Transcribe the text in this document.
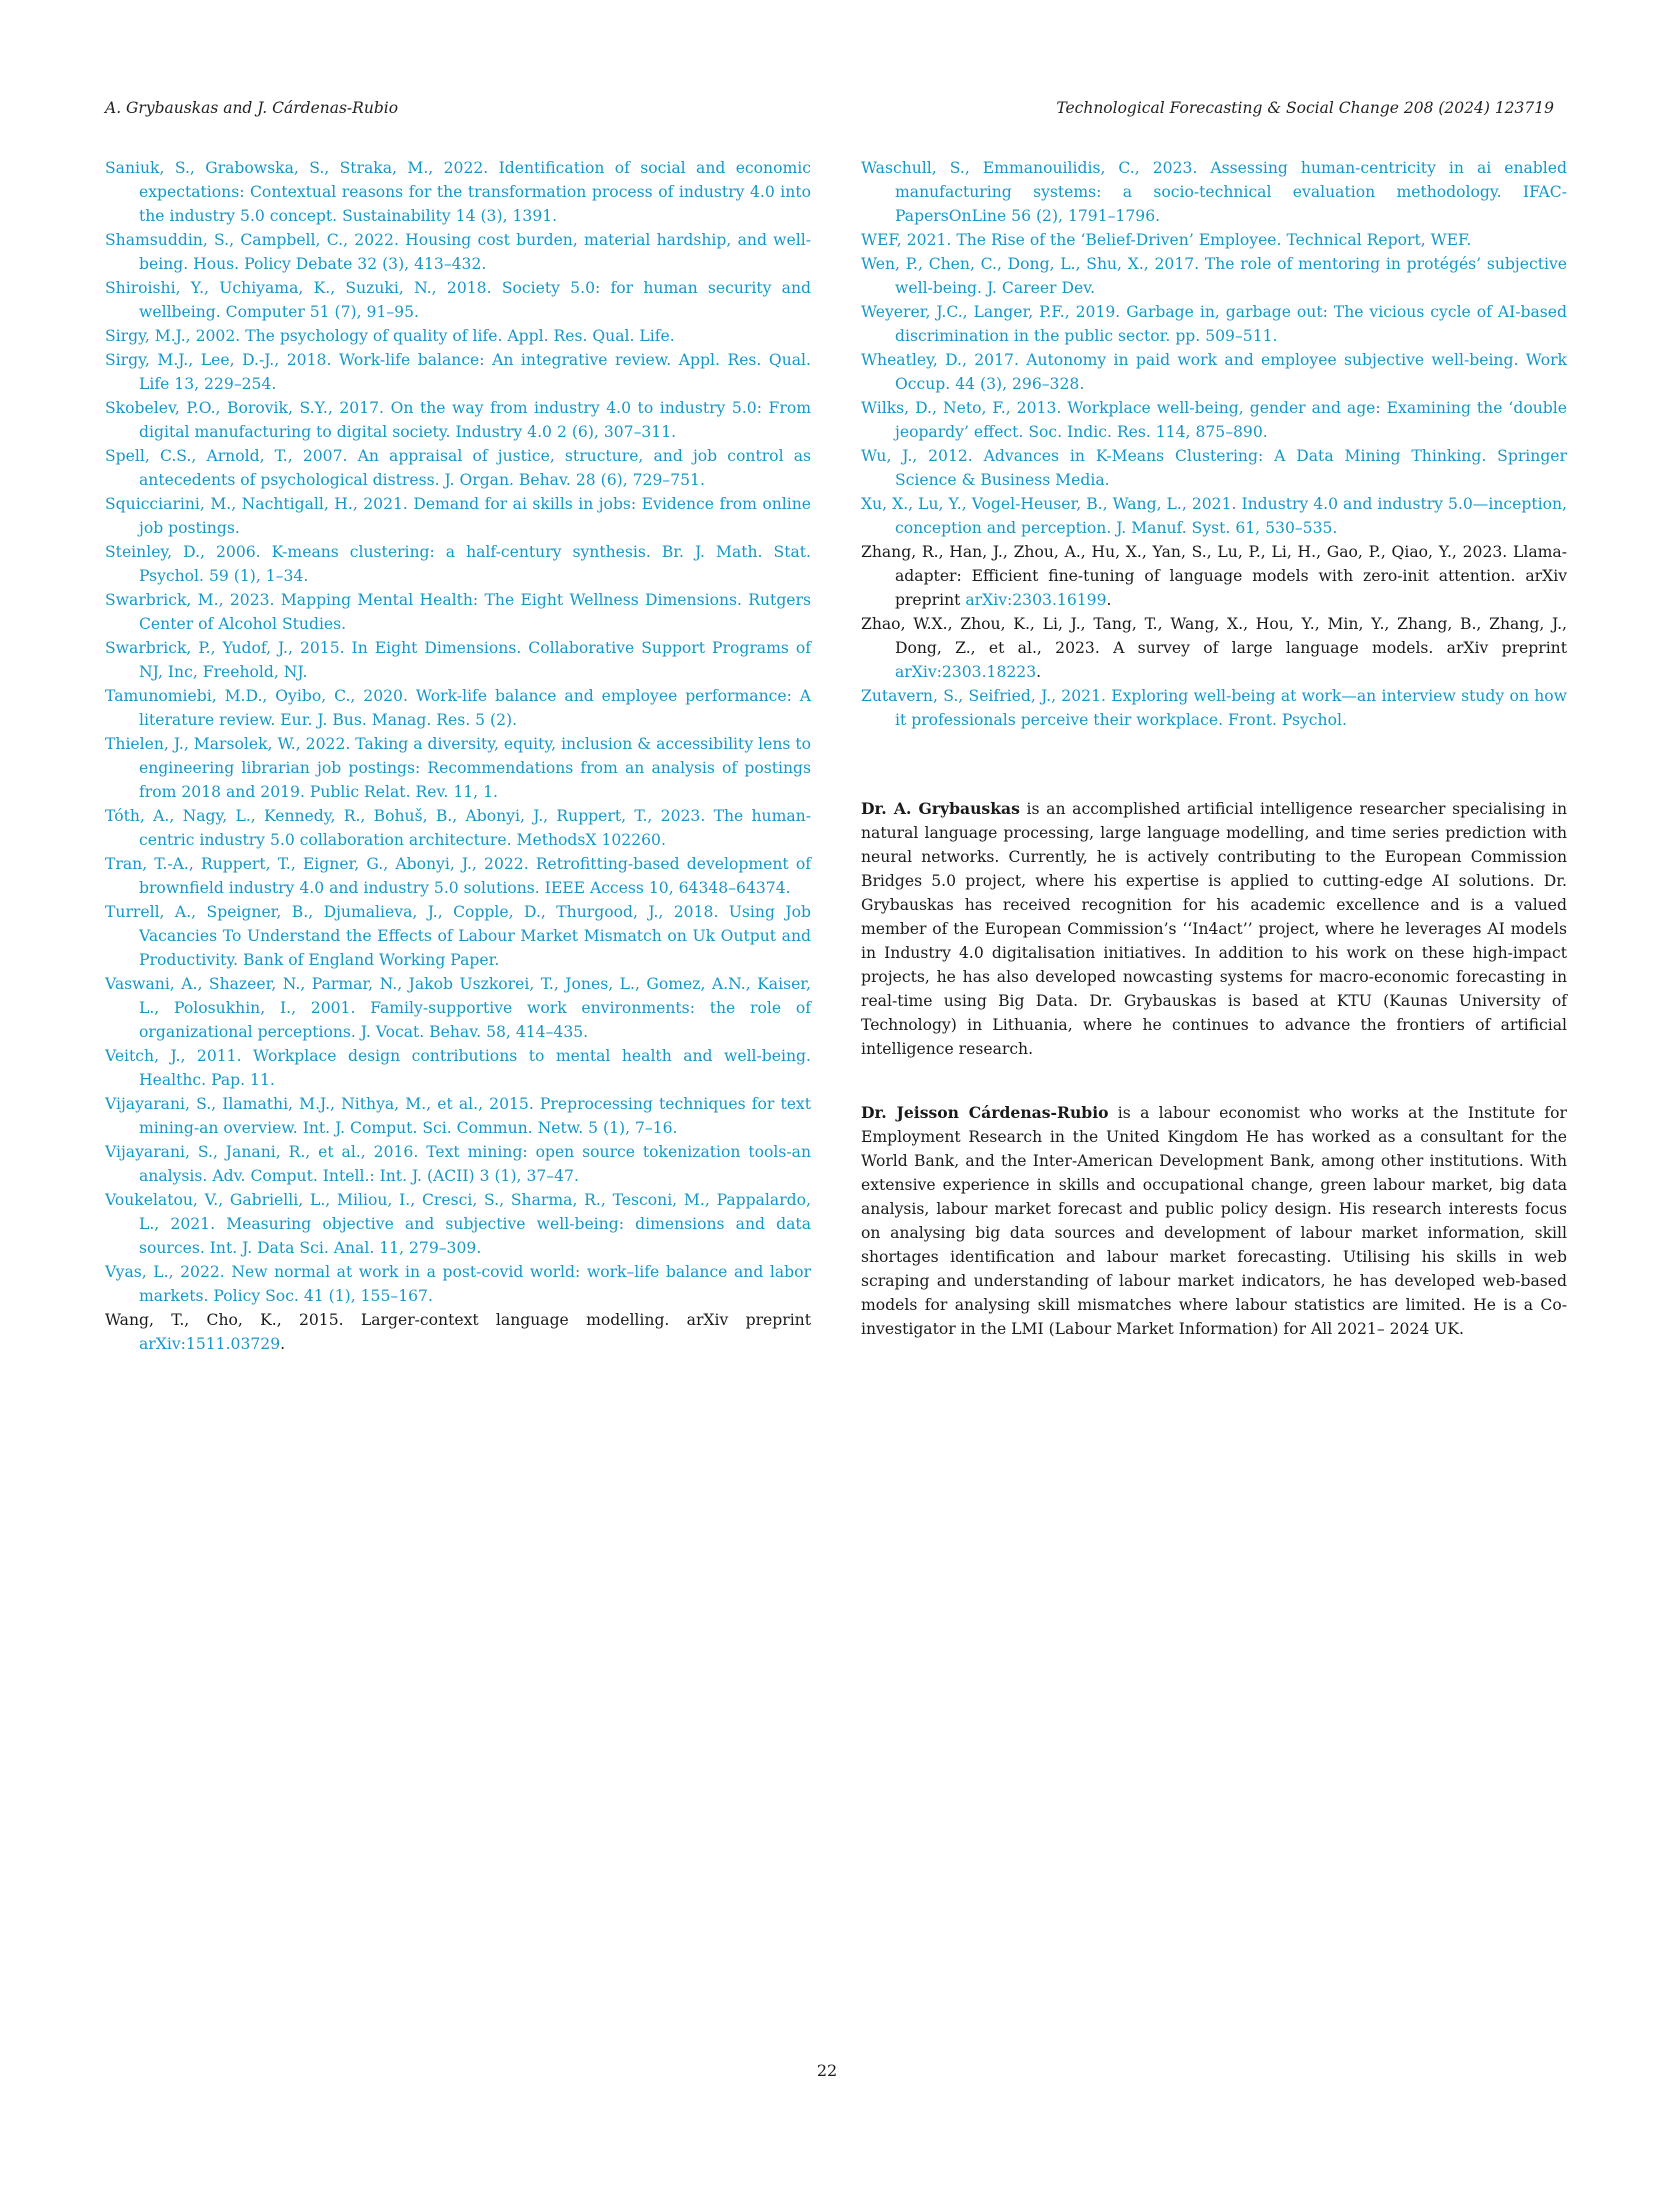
A. Grybauskas and J. Cárdenas-Rubio	Technological Forecasting & Social Change 208 (2024) 123719
Saniuk, S., Grabowska, S., Straka, M., 2022. Identification of social and economic expectations: Contextual reasons for the transformation process of industry 4.0 into the industry 5.0 concept. Sustainability 14 (3), 1391.
Shamsuddin, S., Campbell, C., 2022. Housing cost burden, material hardship, and well-being. Hous. Policy Debate 32 (3), 413–432.
Shiroishi, Y., Uchiyama, K., Suzuki, N., 2018. Society 5.0: for human security and wellbeing. Computer 51 (7), 91–95.
Sirgy, M.J., 2002. The psychology of quality of life. Appl. Res. Qual. Life.
Sirgy, M.J., Lee, D.-J., 2018. Work-life balance: An integrative review. Appl. Res. Qual. Life 13, 229–254.
Skobelev, P.O., Borovik, S.Y., 2017. On the way from industry 4.0 to industry 5.0: From digital manufacturing to digital society. Industry 4.0 2 (6), 307–311.
Spell, C.S., Arnold, T., 2007. An appraisal of justice, structure, and job control as antecedents of psychological distress. J. Organ. Behav. 28 (6), 729–751.
Squicciarini, M., Nachtigall, H., 2021. Demand for ai skills in jobs: Evidence from online job postings.
Steinley, D., 2006. K-means clustering: a half-century synthesis. Br. J. Math. Stat. Psychol. 59 (1), 1–34.
Swarbrick, M., 2023. Mapping Mental Health: The Eight Wellness Dimensions. Rutgers Center of Alcohol Studies.
Swarbrick, P., Yudof, J., 2015. In Eight Dimensions. Collaborative Support Programs of NJ, Inc, Freehold, NJ.
Tamunomiebi, M.D., Oyibo, C., 2020. Work-life balance and employee performance: A literature review. Eur. J. Bus. Manag. Res. 5 (2).
Thielen, J., Marsolek, W., 2022. Taking a diversity, equity, inclusion & accessibility lens to engineering librarian job postings: Recommendations from an analysis of postings from 2018 and 2019. Public Relat. Rev. 11, 1.
Tóth, A., Nagy, L., Kennedy, R., Bohuš, B., Abonyi, J., Ruppert, T., 2023. The human-centric industry 5.0 collaboration architecture. MethodsX 102260.
Tran, T.-A., Ruppert, T., Eigner, G., Abonyi, J., 2022. Retrofitting-based development of brownfield industry 4.0 and industry 5.0 solutions. IEEE Access 10, 64348–64374.
Turrell, A., Speigner, B., Djumalieva, J., Copple, D., Thurgood, J., 2018. Using Job Vacancies To Understand the Effects of Labour Market Mismatch on Uk Output and Productivity. Bank of England Working Paper.
Vaswani, A., Shazeer, N., Parmar, N., Jakob Uszkorei, T., Jones, L., Gomez, A.N., Kaiser, L., Polosukhin, I., 2001. Family-supportive work environments: the role of organizational perceptions. J. Vocat. Behav. 58, 414–435.
Veitch, J., 2011. Workplace design contributions to mental health and well-being. Healthc. Pap. 11.
Vijayarani, S., Ilamathi, M.J., Nithya, M., et al., 2015. Preprocessing techniques for text mining-an overview. Int. J. Comput. Sci. Commun. Netw. 5 (1), 7–16.
Vijayarani, S., Janani, R., et al., 2016. Text mining: open source tokenization tools-an analysis. Adv. Comput. Intell.: Int. J. (ACII) 3 (1), 37–47.
Voukelatou, V., Gabrielli, L., Miliou, I., Cresci, S., Sharma, R., Tesconi, M., Pappalardo, L., 2021. Measuring objective and subjective well-being: dimensions and data sources. Int. J. Data Sci. Anal. 11, 279–309.
Vyas, L., 2022. New normal at work in a post-covid world: work–life balance and labor markets. Policy Soc. 41 (1), 155–167.
Wang, T., Cho, K., 2015. Larger-context language modelling. arXiv preprint arXiv:1511.03729.
Waschull, S., Emmanouilidis, C., 2023. Assessing human-centricity in ai enabled manufacturing systems: a socio-technical evaluation methodology. IFAC-PapersOnLine 56 (2), 1791–1796.
WEF, 2021. The Rise of the ‘Belief-Driven’ Employee. Technical Report, WEF.
Wen, P., Chen, C., Dong, L., Shu, X., 2017. The role of mentoring in protégés’ subjective well-being. J. Career Dev.
Weyerer, J.C., Langer, P.F., 2019. Garbage in, garbage out: The vicious cycle of AI-based discrimination in the public sector. pp. 509–511.
Wheatley, D., 2017. Autonomy in paid work and employee subjective well-being. Work Occup. 44 (3), 296–328.
Wilks, D., Neto, F., 2013. Workplace well-being, gender and age: Examining the ‘double jeopardy’ effect. Soc. Indic. Res. 114, 875–890.
Wu, J., 2012. Advances in K-Means Clustering: A Data Mining Thinking. Springer Science & Business Media.
Xu, X., Lu, Y., Vogel-Heuser, B., Wang, L., 2021. Industry 4.0 and industry 5.0—inception, conception and perception. J. Manuf. Syst. 61, 530–535.
Zhang, R., Han, J., Zhou, A., Hu, X., Yan, S., Lu, P., Li, H., Gao, P., Qiao, Y., 2023. Llama-adapter: Efficient fine-tuning of language models with zero-init attention. arXiv preprint arXiv:2303.16199.
Zhao, W.X., Zhou, K., Li, J., Tang, T., Wang, X., Hou, Y., Min, Y., Zhang, B., Zhang, J., Dong, Z., et al., 2023. A survey of large language models. arXiv preprint arXiv:2303.18223.
Zutavern, S., Seifried, J., 2021. Exploring well-being at work—an interview study on how it professionals perceive their workplace. Front. Psychol.

Dr. A. Grybauskas is an accomplished artificial intelligence researcher specialising in natural language processing, large language modelling, and time series prediction with neural networks. Currently, he is actively contributing to the European Commission Bridges 5.0 project, where his expertise is applied to cutting-edge AI solutions. Dr. Grybauskas has received recognition for his academic excellence and is a valued member of the European Commission’s ‘‘In4act’’ project, where he leverages AI models in Industry 4.0 digitalisation initiatives. In addition to his work on these high-impact projects, he has also developed nowcasting systems for macro-economic forecasting in real-time using Big Data. Dr. Grybauskas is based at KTU (Kaunas University of Technology) in Lithuania, where he continues to advance the frontiers of artificial intelligence research.

Dr. Jeisson Cárdenas-Rubio is a labour economist who works at the Institute for Employment Research in the United Kingdom He has worked as a consultant for the World Bank, and the Inter-American Development Bank, among other institutions. With extensive experience in skills and occupational change, green labour market, big data analysis, labour market forecast and public policy design. His research interests focus on analysing big data sources and development of labour market information, skill shortages identification and labour market forecasting. Utilising his skills in web scraping and understanding of labour market indicators, he has developed web-based models for analysing skill mismatches where labour statistics are limited. He is a Co-investigator in the LMI (Labour Market Information) for All 2021– 2024 UK.

22
